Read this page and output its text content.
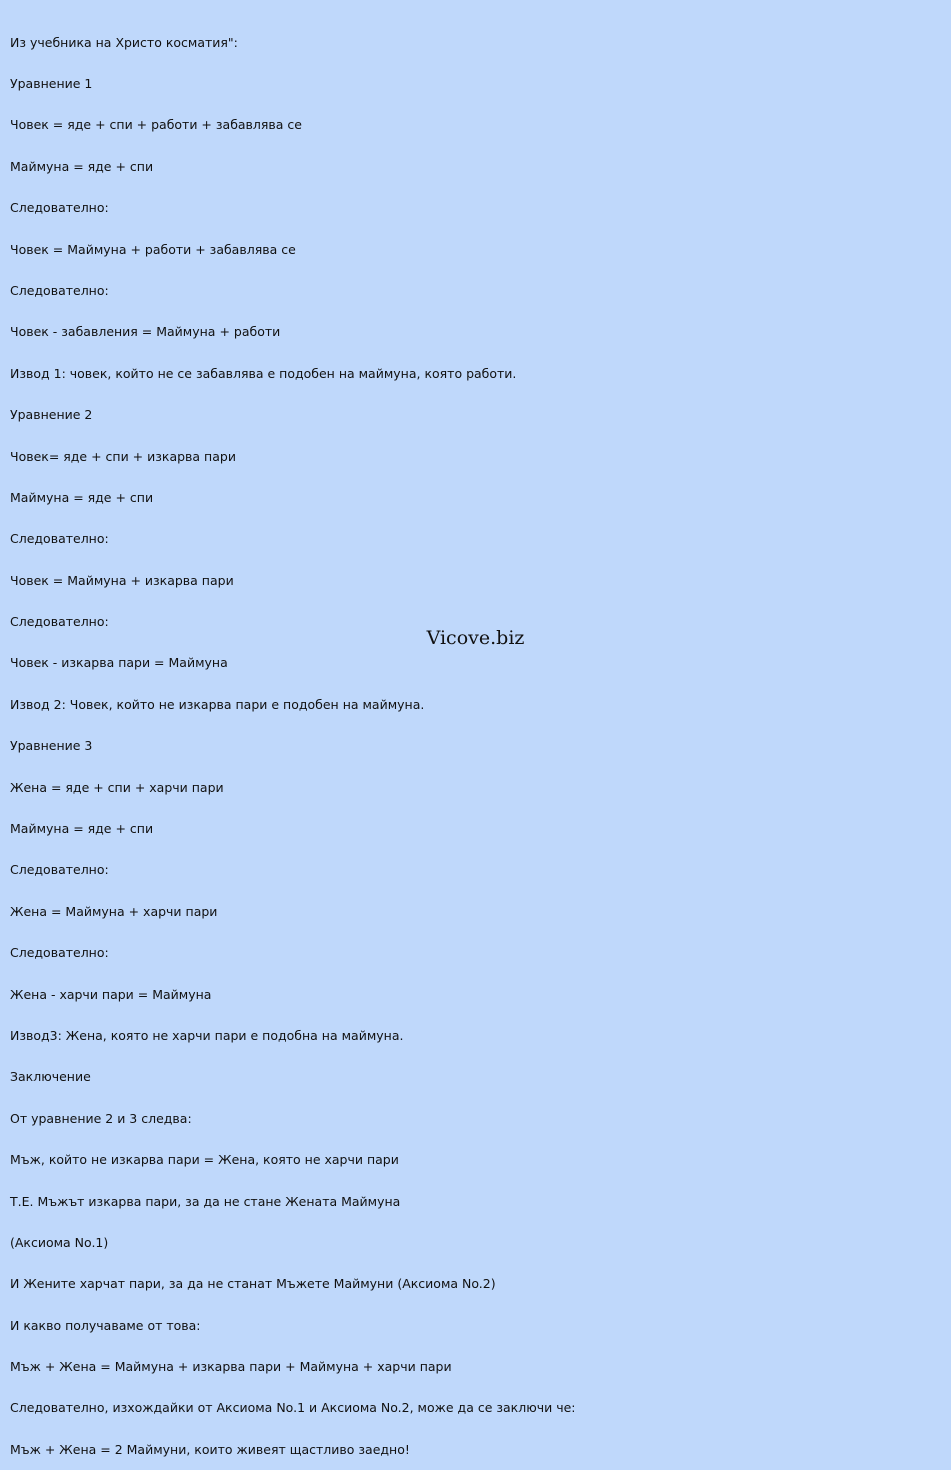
Из учебника на Христо косматия":

Уравнение 1

Човек = яде + спи + работи + забавлява се

Маймуна = яде + спи

Следователно:

Човек = Маймуна + работи + забавлява се

Следователно:

Човек - забавления = Маймуна + работи

Извод 1: човек, който не се забавлява е подобен на маймуна, която работи.

Уравнение 2

Човек= яде + спи + изкарва пари

Маймуна = яде + спи

Следователно:

Човек = Маймуна + изкарва пари

Следователно:

Човек - изкарва пари = Маймуна

Извод 2: Човек, който не изкарва пари е подобен на маймуна.

Уравнение 3

Жена = яде + спи + харчи пари

Маймуна = яде + спи

Следователно:

Жена = Маймуна + харчи пари

Следователно:

Жена - харчи пари = Маймуна

Извод3: Жена, която не харчи пари е подобна на маймуна.

Заключение

От уравнение 2 и 3 следва:

Мъж, който не изкарва пари = Жена, която не харчи пари

Т.Е. Мъжът изкарва пари, за да не стане Жената Маймуна

(Аксиома No.1)

И Жените харчат пари, за да не станат Мъжете Маймуни (Аксиома No.2)

И какво получаваме от това:

Мъж + Жена = Маймуна + изкарва пари + Маймуна + харчи пари

Следователно, изхождайки от Аксиома No.1 и Аксиома No.2, може да се заключи че:

Мъж + Жена = 2 Маймуни, които живеят щастливо заедно!

Vicove.biz
